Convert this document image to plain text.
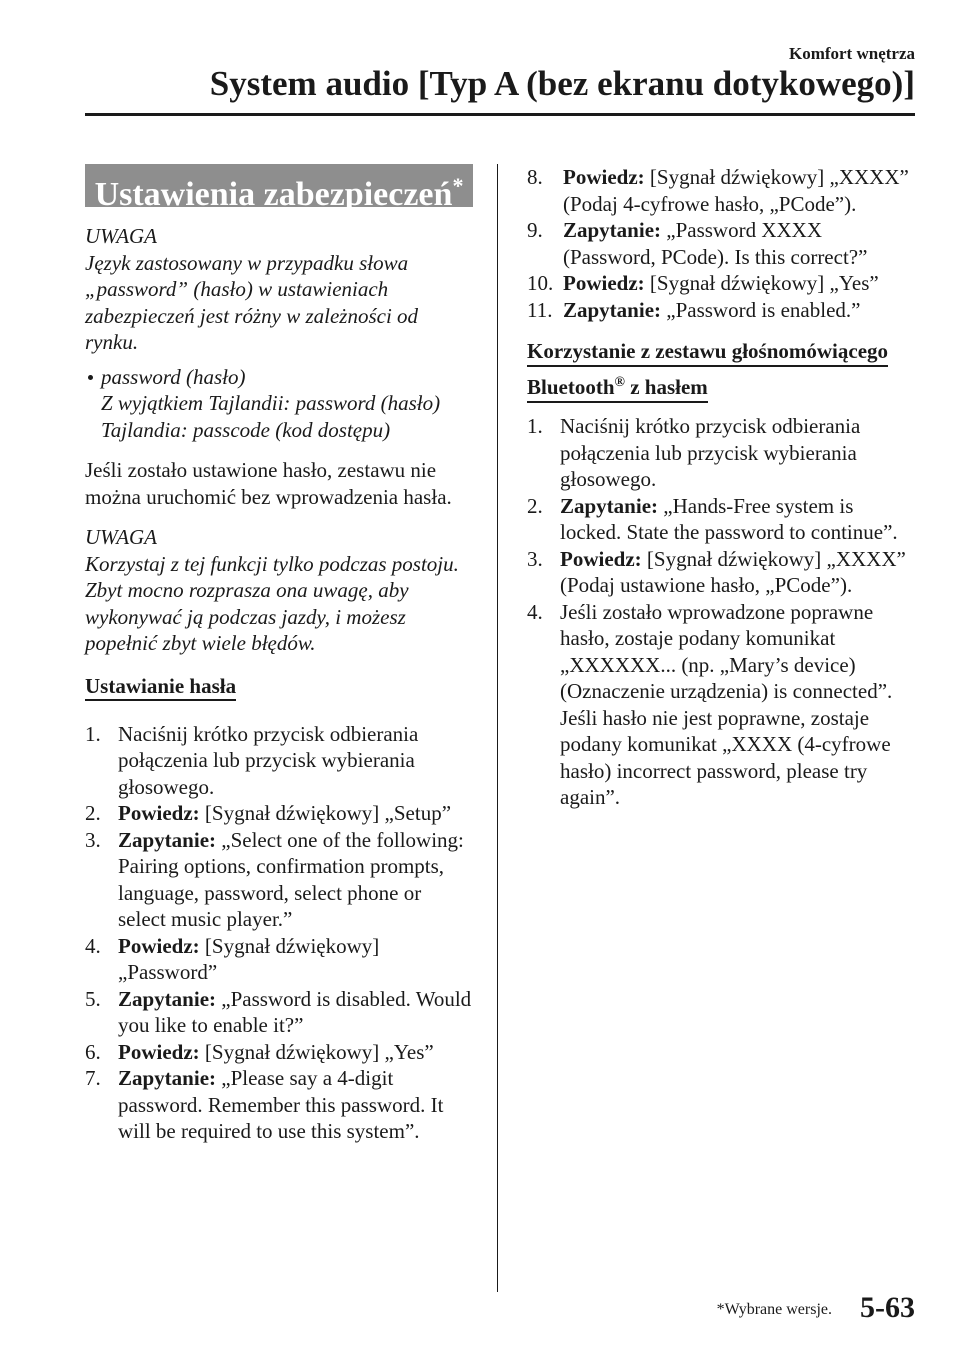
Komfort wnętrza
System audio [Typ A (bez ekranu dotykowego)]
Ustawienia zabezpieczeń*
UWAGA
Język zastosowany w przypadku słowa „password” (hasło) w ustawieniach zabezpieczeń jest różny w zależności od rynku.
password (hasło)
Z wyjątkiem Tajlandii: password (hasło)
Tajlandia: passcode (kod dostępu)
Jeśli zostało ustawione hasło, zestawu nie można uruchomić bez wprowadzenia hasła.
UWAGA
Korzystaj z tej funkcji tylko podczas postoju. Zbyt mocno rozprasza ona uwagę, aby wykonywać ją podczas jazdy, i możesz popełnić zbyt wiele błędów.
Ustawianie hasła
1. Naciśnij krótko przycisk odbierania połączenia lub przycisk wybierania głosowego.
2. Powiedz: [Sygnał dźwiękowy] „Setup”
3. Zapytanie: „Select one of the following: Pairing options, confirmation prompts, language, password, select phone or select music player.”
4. Powiedz: [Sygnał dźwiękowy] „Password”
5. Zapytanie: „Password is disabled. Would you like to enable it?”
6. Powiedz: [Sygnał dźwiękowy] „Yes”
7. Zapytanie: „Please say a 4-digit password. Remember this password. It will be required to use this system”.
8. Powiedz: [Sygnał dźwiękowy] „XXXX” (Podaj 4-cyfrowe hasło, „PCode”).
9. Zapytanie: „Password XXXX (Password, PCode). Is this correct?”
10. Powiedz: [Sygnał dźwiękowy] „Yes”
11. Zapytanie: „Password is enabled.”
Korzystanie z zestawu głośnomówiącego
Bluetooth® z hasłem
1. Naciśnij krótko przycisk odbierania połączenia lub przycisk wybierania głosowego.
2. Zapytanie: „Hands-Free system is locked. State the password to continue”.
3. Powiedz: [Sygnał dźwiękowy] „XXXX” (Podaj ustawione hasło, „PCode”).
4. Jeśli zostało wprowadzone poprawne hasło, zostaje podany komunikat „XXXXXX... (np. „Mary’s device) (Oznaczenie urządzenia) is connected”.
Jeśli hasło nie jest poprawne, zostaje podany komunikat „XXXX (4-cyfrowe hasło) incorrect password, please try again”.
*Wybrane wersje. 5-63
